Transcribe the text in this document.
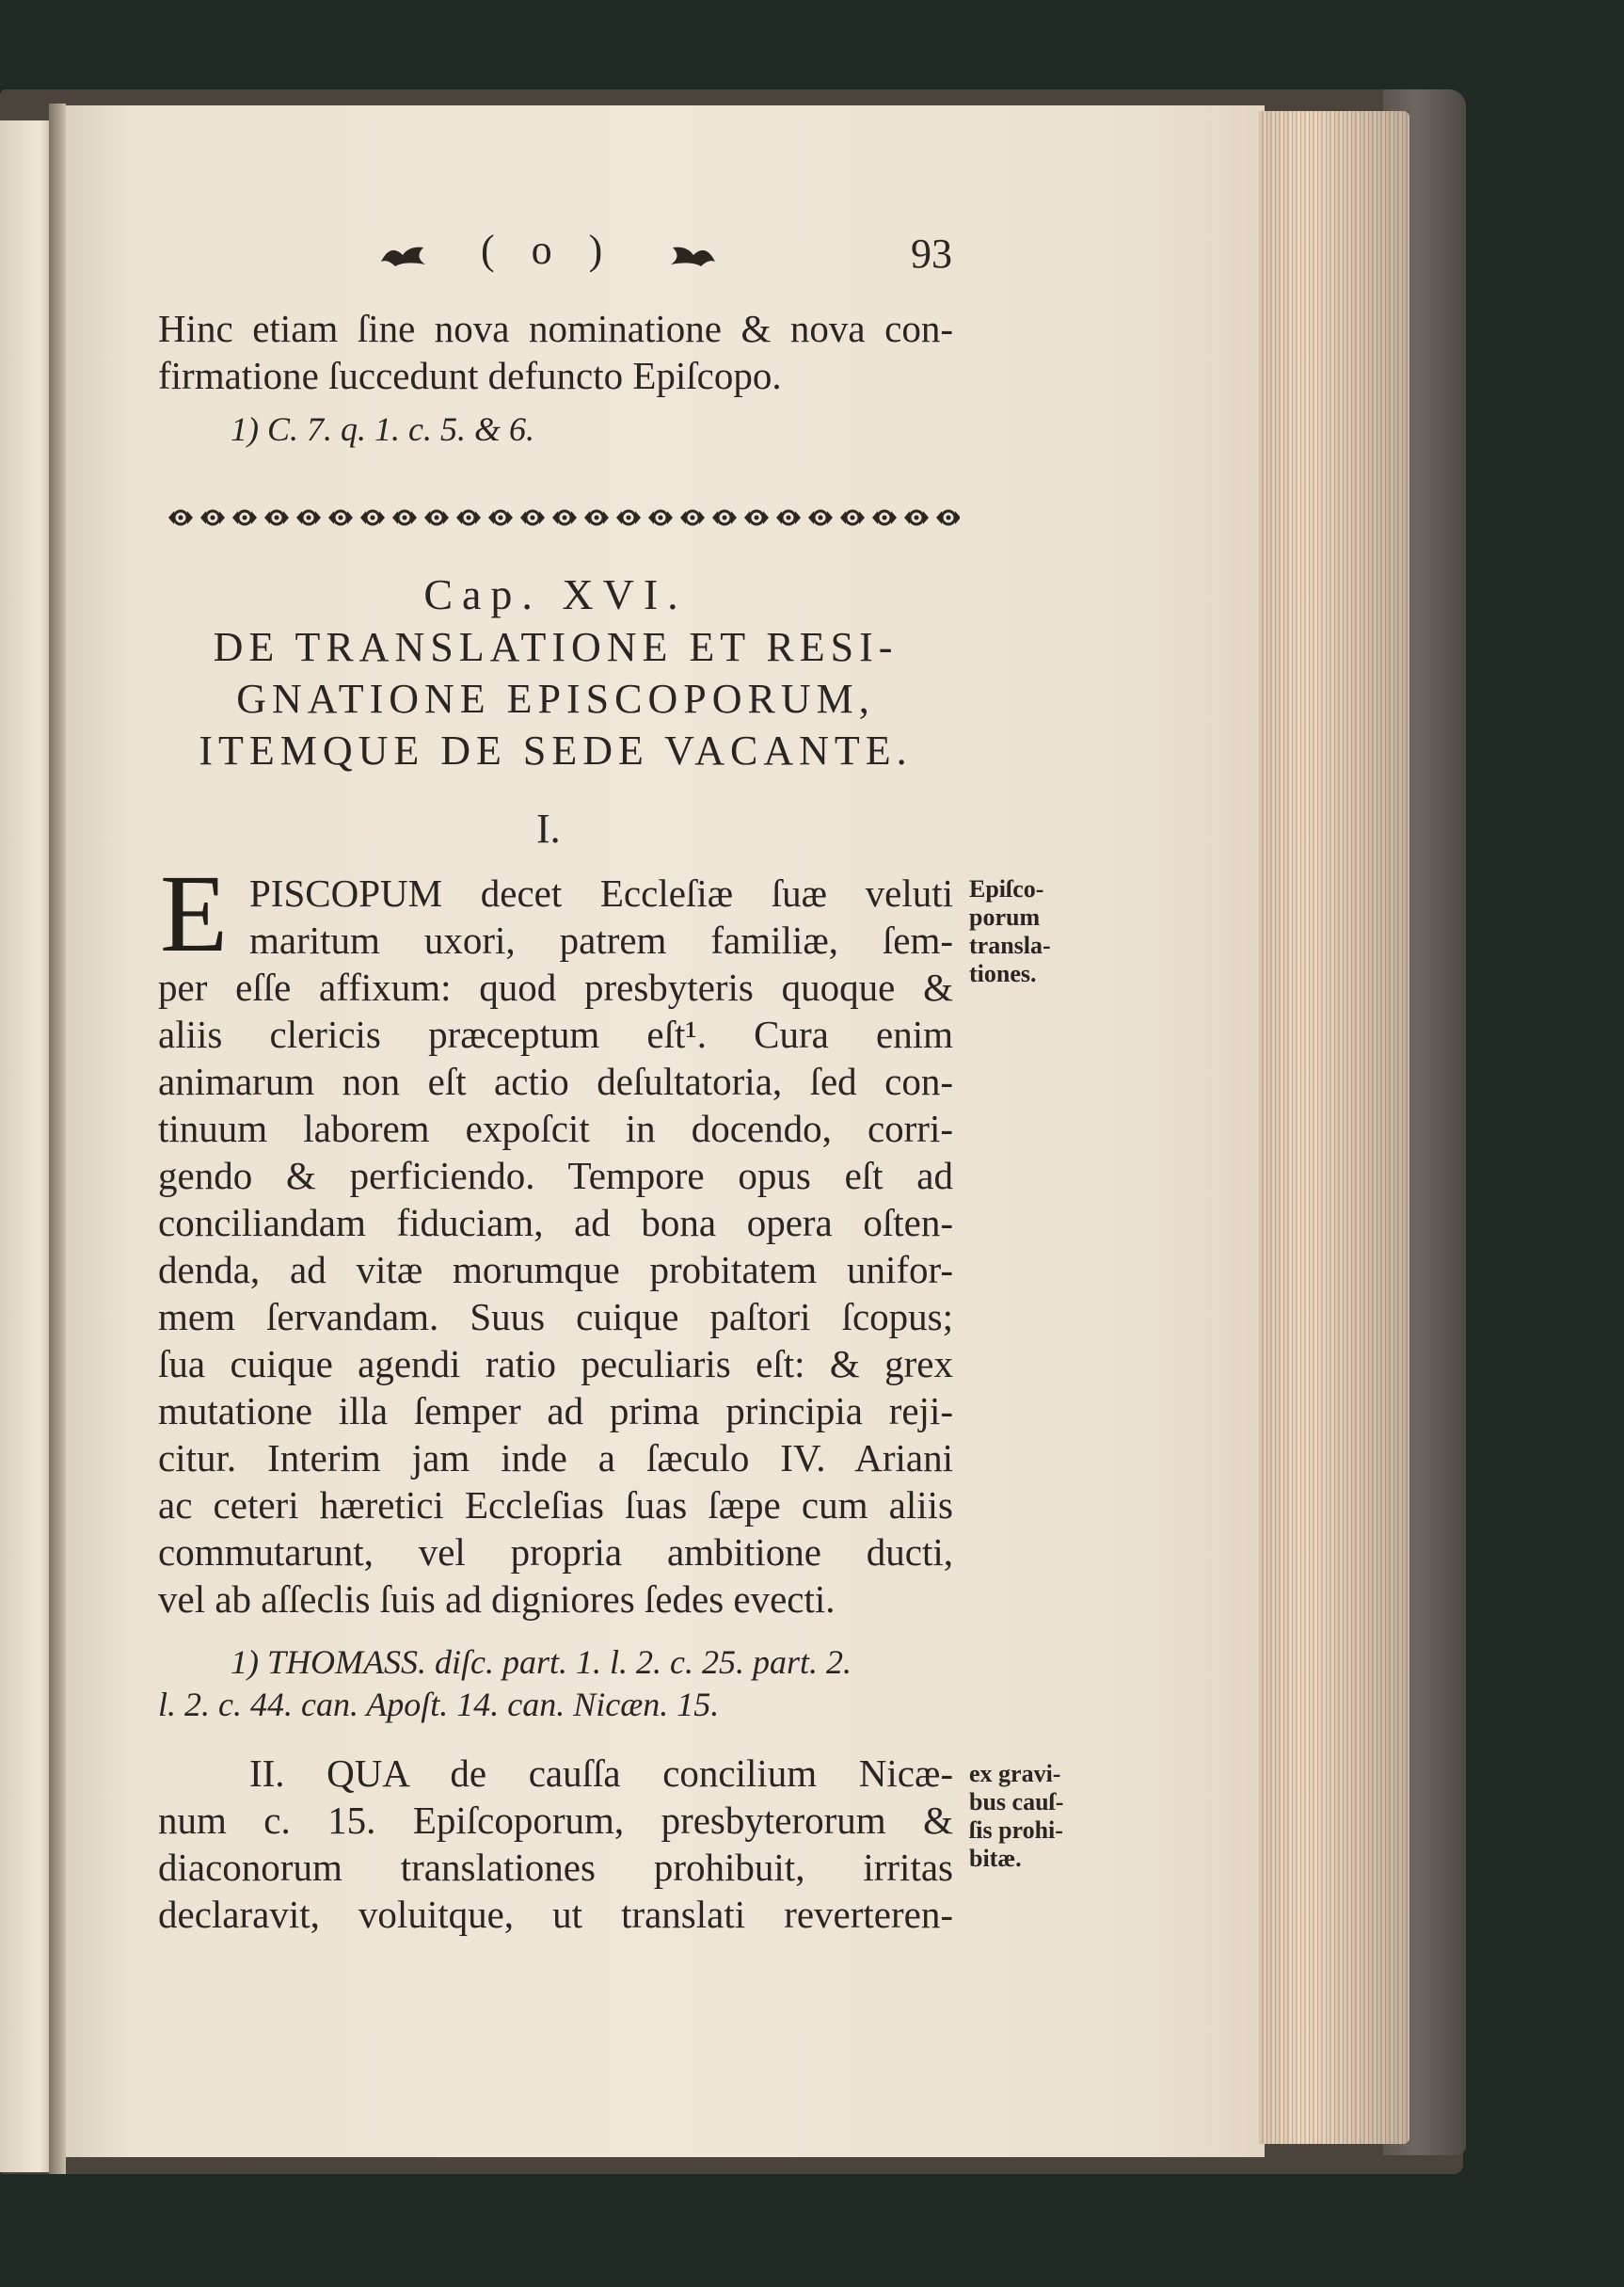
( o )	93
Hinc etiam ſine nova nominatione & nova con-
firmatione ſuccedunt defuncto Epiſcopo.
1) C. 7. q. 1. c. 5. & 6.
Cap. XVI.
DE TRANSLATIONE ET RESI-
GNATIONE EPISCOPORUM,
ITEMQUE DE SEDE VACANTE.
I.
E PISCOPUM decet Eccleſiæ ſuæ veluti
maritum uxori, patrem familiæ, ſem-
per eſſe affixum: quod presbyteris quoque &
aliis clericis præceptum eſt¹. Cura enim
animarum non eſt actio deſultatoria, ſed con-
tinuum laborem expoſcit in docendo, corri-
gendo & perficiendo. Tempore opus eſt ad
conciliandam fiduciam, ad bona opera oſten-
denda, ad vitæ morumque probitatem unifor-
mem ſervandam. Suus cuique paſtori ſcopus;
ſua cuique agendi ratio peculiaris eſt: & grex
mutatione illa ſemper ad prima principia reji-
citur. Interim jam inde a ſæculo IV. Ariani
ac ceteri hæretici Eccleſias ſuas ſæpe cum aliis
commutarunt, vel propria ambitione ducti,
vel ab aſſeclis ſuis ad digniores ſedes evecti.
Epiſco-
porum
transla-
tiones.
1) THOMASS. diſc. part. 1. l. 2. c. 25. part. 2.
l. 2. c. 44. can. Apoſt. 14. can. Nicæn. 15.
II. QUA de cauſſa concilium Nicæ-
num c. 15. Epiſcoporum, presbyterorum &
diaconorum translationes prohibuit, irritas
declaravit, voluitque, ut translati reverteren-
ex gravi-
bus cauſ-
ſis prohi-
bitæ.
